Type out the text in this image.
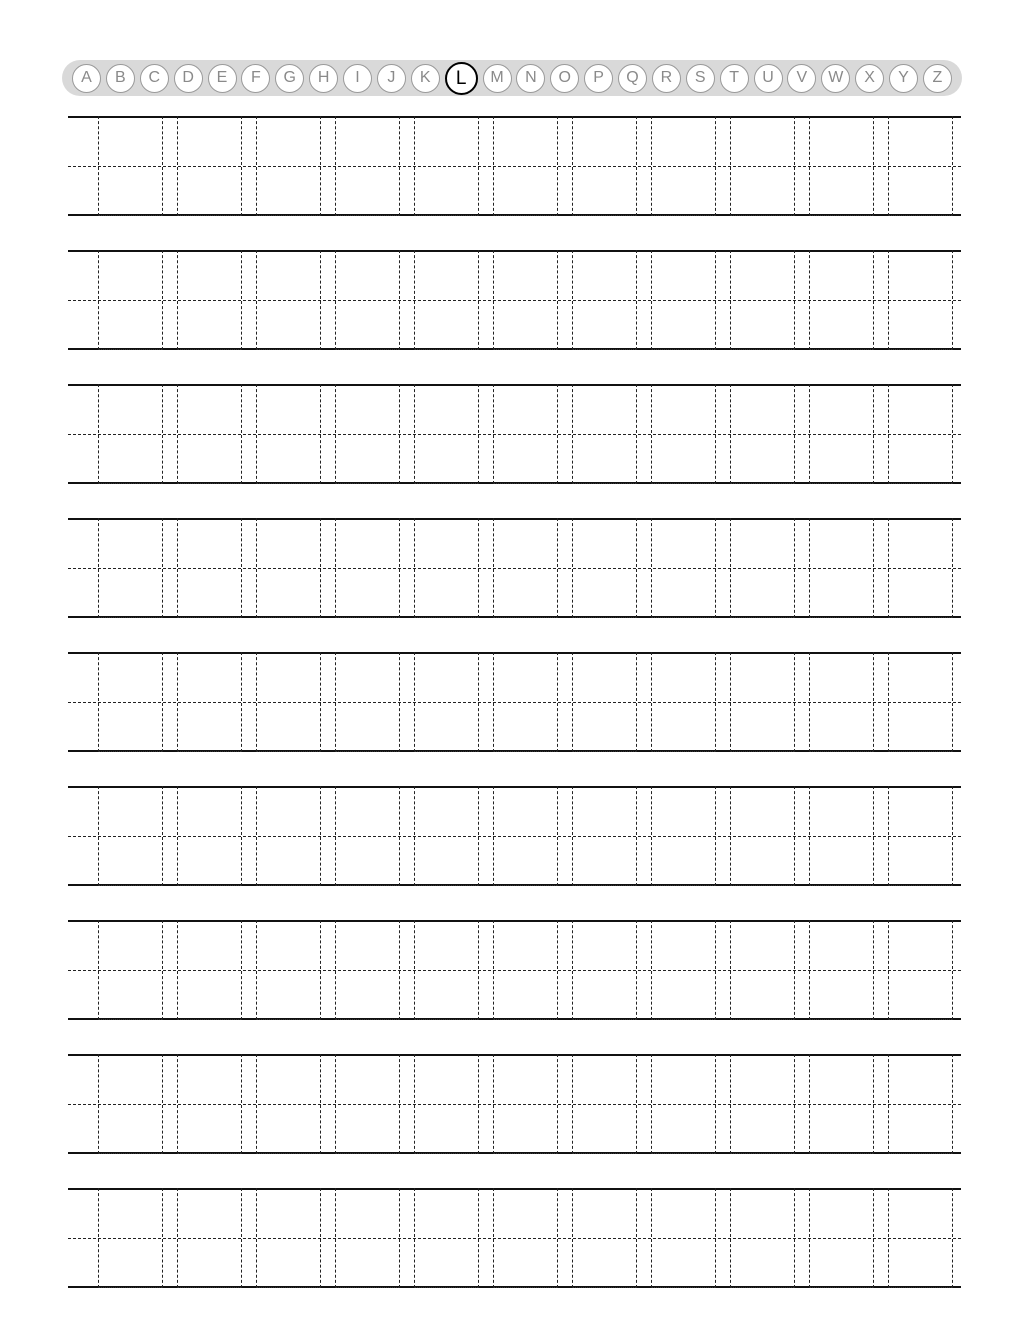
A	B	C	D	E	F	G	H	I	J	K	L	M	N	O	P	Q	R	S	T	U	V	W	X	Y	Z
